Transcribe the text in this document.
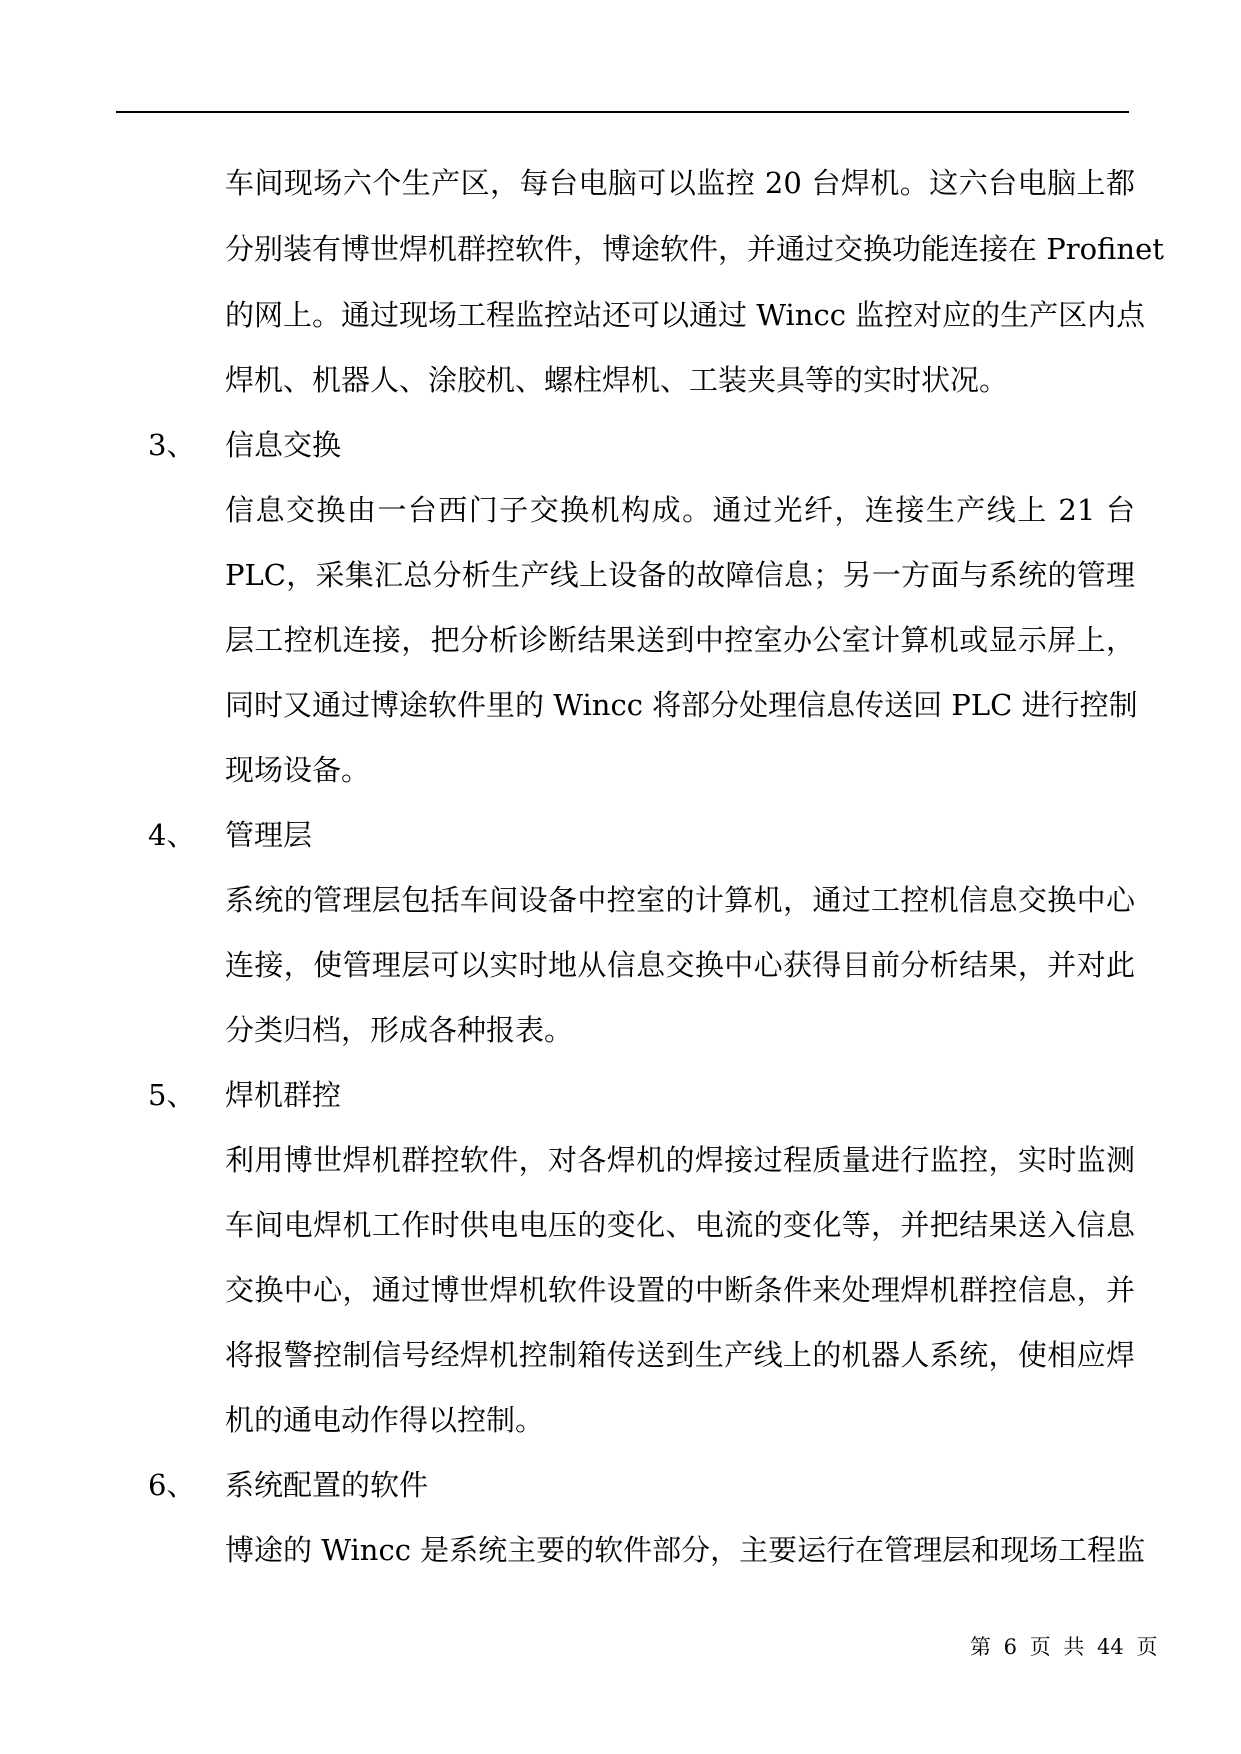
车间现场六个生产区，每台电脑可以监控 20 台焊机。这六台电脑上都
分别装有博世焊机群控软件，博途软件，并通过交换功能连接在 Profinet
的网上。通过现场工程监控站还可以通过 Wincc 监控对应的生产区内点
焊机、机器人、涂胶机、螺柱焊机、工装夹具等的实时状况。
3、 信息交换
信息交换由一台西门子交换机构成。通过光纤，连接生产线上 21 台
PLC，采集汇总分析生产线上设备的故障信息；另一方面与系统的管理
层工控机连接，把分析诊断结果送到中控室办公室计算机或显示屏上，
同时又通过博途软件里的 Wincc 将部分处理信息传送回 PLC 进行控制
现场设备。
4、 管理层
系统的管理层包括车间设备中控室的计算机，通过工控机信息交换中心
连接，使管理层可以实时地从信息交换中心获得目前分析结果，并对此
分类归档，形成各种报表。
5、 焊机群控
利用博世焊机群控软件，对各焊机的焊接过程质量进行监控，实时监测
车间电焊机工作时供电电压的变化、电流的变化等，并把结果送入信息
交换中心，通过博世焊机软件设置的中断条件来处理焊机群控信息，并
将报警控制信号经焊机控制箱传送到生产线上的机器人系统，使相应焊
机的通电动作得以控制。
6、 系统配置的软件
博途的 Wincc 是系统主要的软件部分，主要运行在管理层和现场工程监
第 6 页 共 44 页
